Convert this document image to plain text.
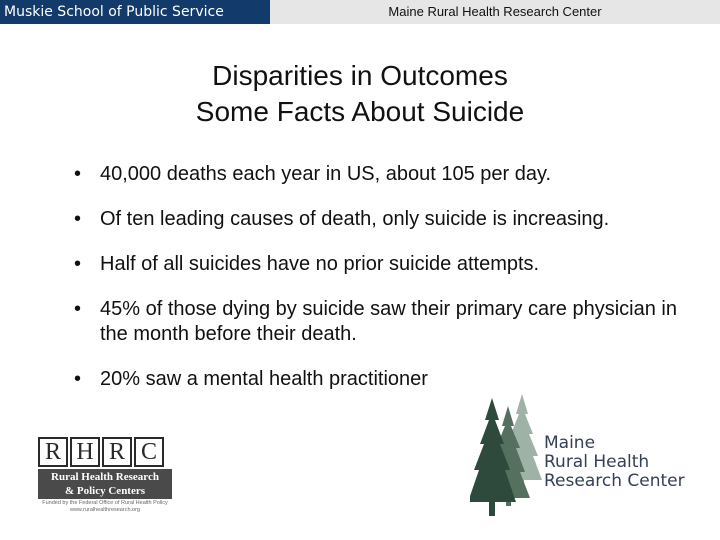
Muskie School of Public Service	Maine Rural Health Research Center
Disparities in Outcomes
Some Facts About Suicide
• 40,000 deaths each year in US, about 105 per day.
• Of ten leading causes of death, only suicide is increasing.
• Half of all suicides have no prior suicide attempts.
• 45% of those dying by suicide saw their primary care physician in the month before their death.
• 20% saw a mental health practitioner
R H R C
Rural Health Research
& Policy Centers
Funded by the Federal Office of Rural Health Policy
www.ruralhealthresearch.org
Maine
Rural Health
Research Center
